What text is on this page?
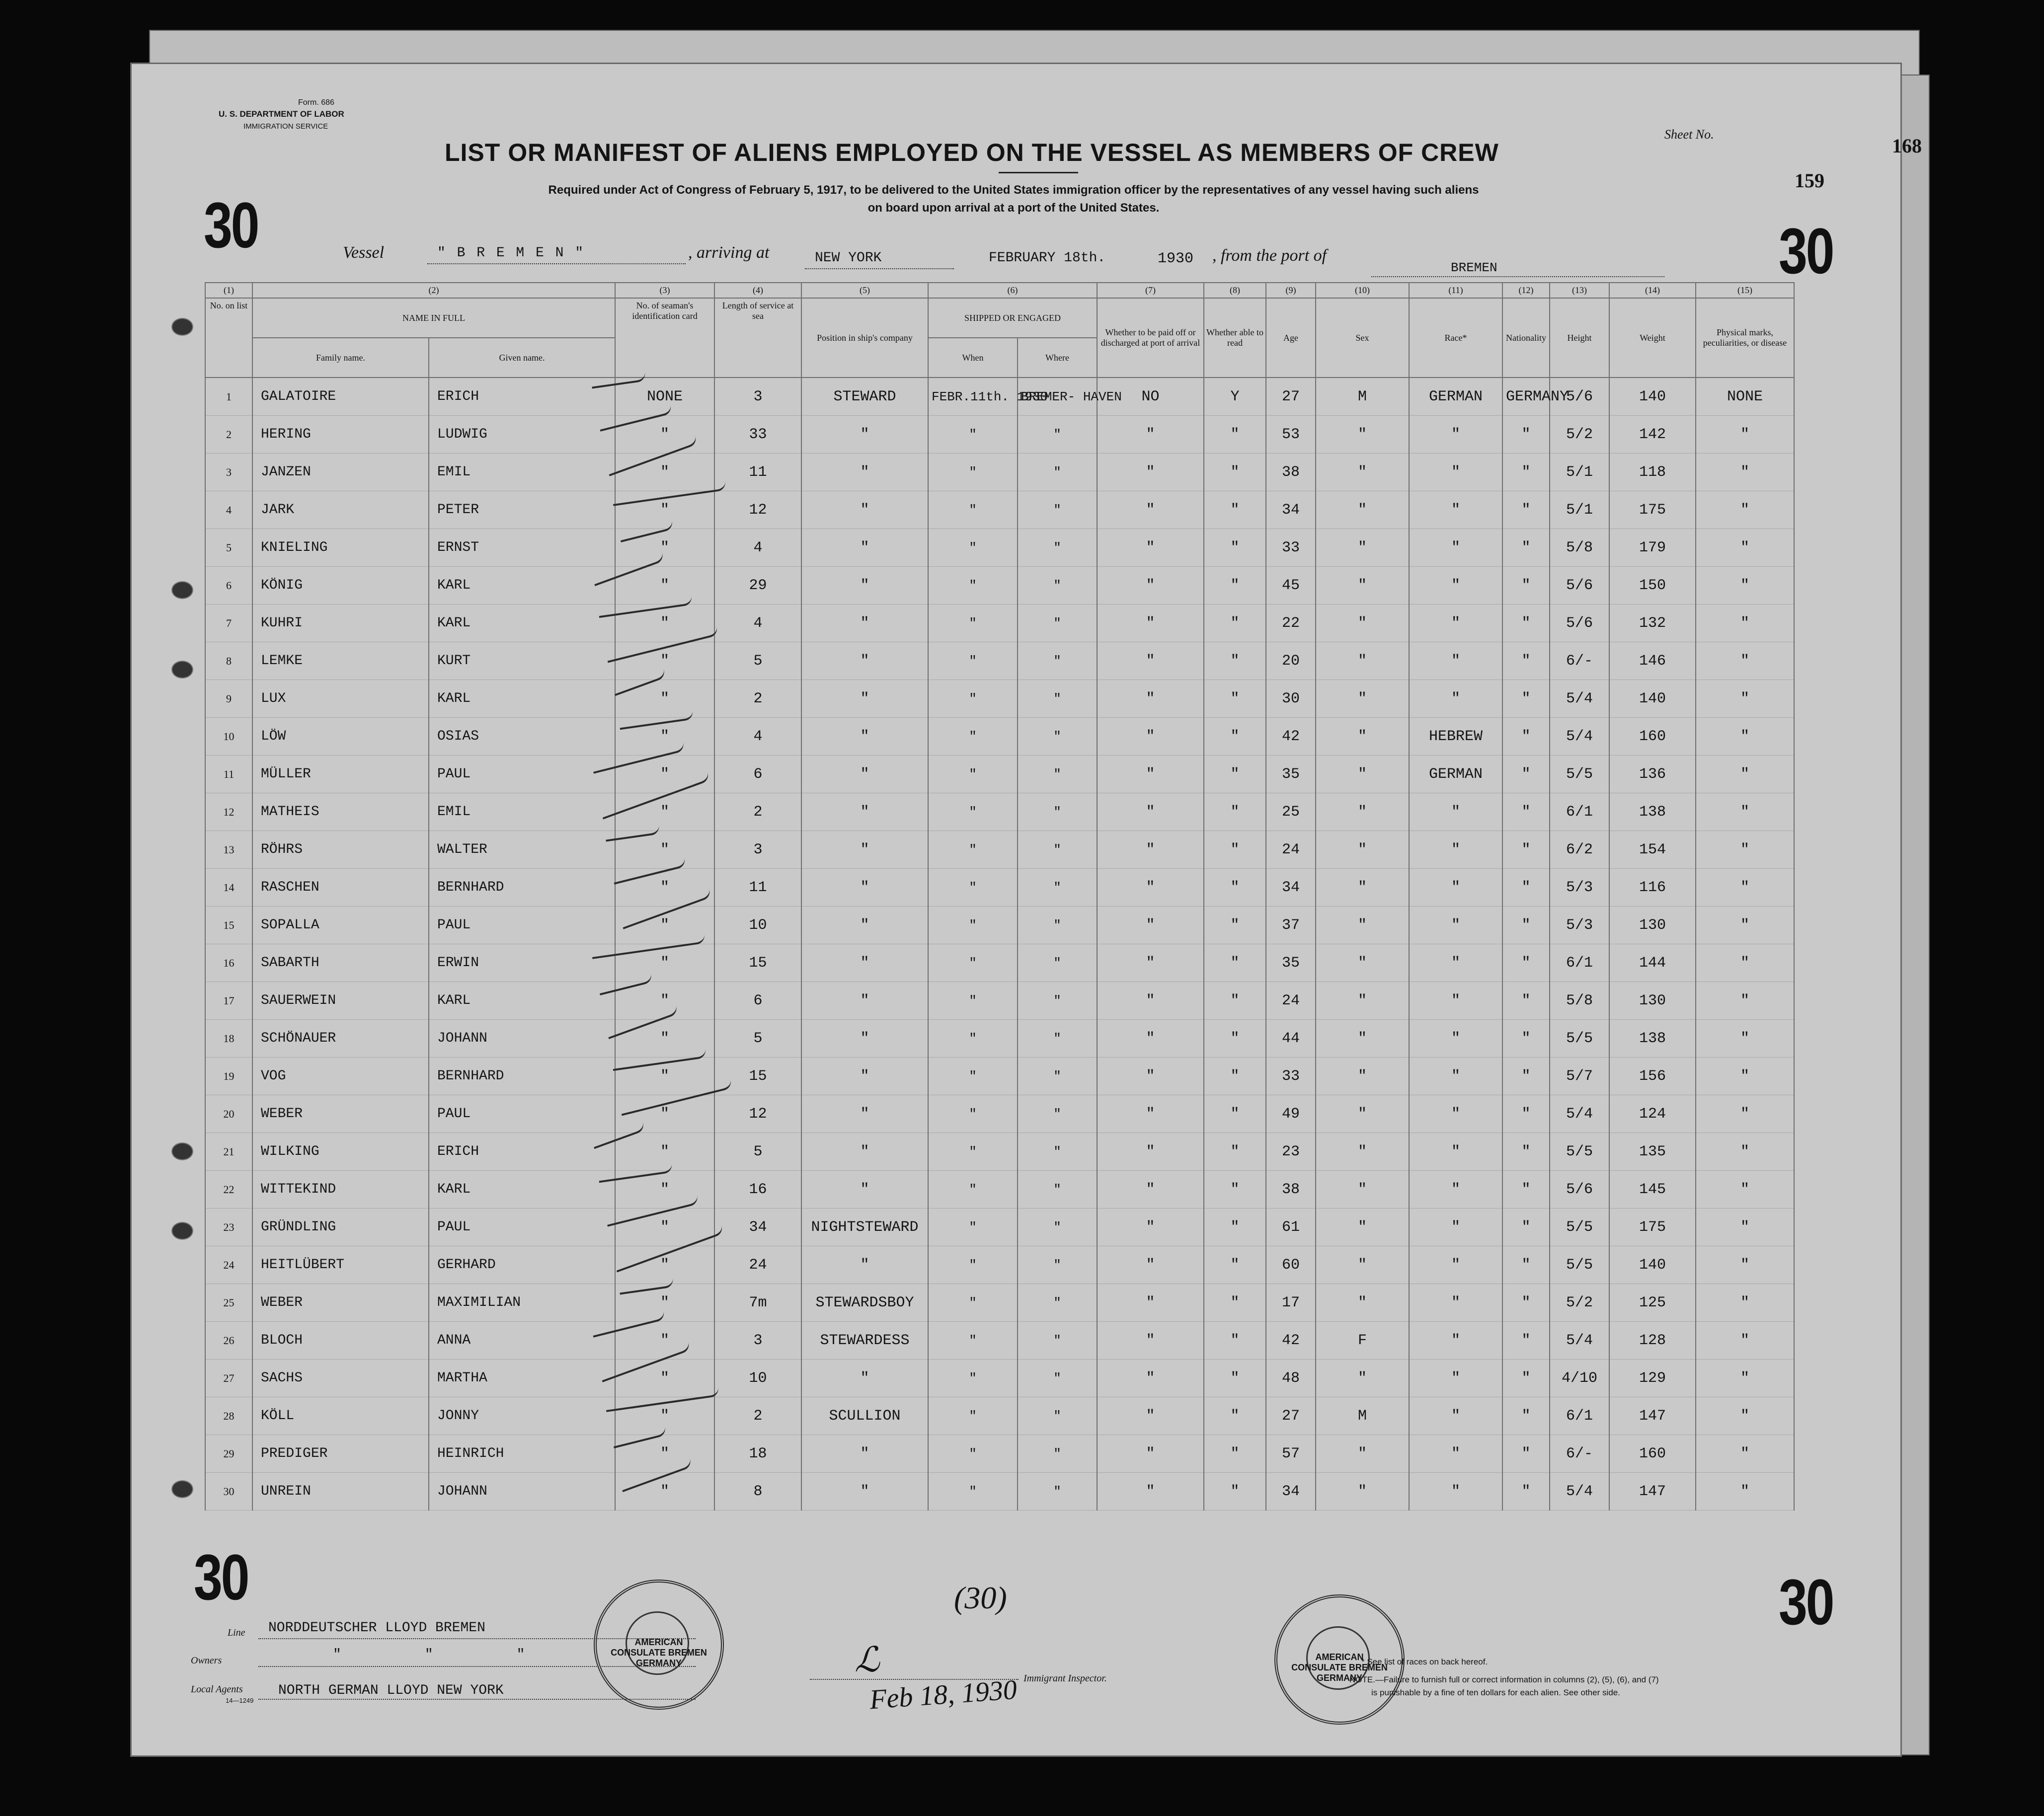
Form. 686
U. S. DEPARTMENT OF LABOR
IMMIGRATION SERVICE
LIST OR MANIFEST OF ALIENS EMPLOYED ON THE VESSEL AS MEMBERS OF CREW
Required under Act of Congress of February 5, 1917, to be delivered to the United States immigration officer by the representatives of any vessel having such aliens
on board upon arrival at a port of the United States.
Sheet No.
168
159
30	30
30	30
Vessel	" B R E M E N "	, arriving at	NEW YORK	FEBRUARY 18th.	1930 , from the port of
BREMEN
(1)	(2)		(3)	(4)	(5)	(6)		(7)	(8)	(9)	(10)	(11)	(12)	(13)	(14)	(15)
No. on list	NAME IN FULL		No. of seaman's identification card	Length of service at sea	Position in ship's company	SHIPPED OR ENGAGED		Whether to be paid off or discharged at port of arrival	Whether able to read	Age	Sex	Race*	Nationality	Height	Weight	Physical marks, peculiarities, or disease
	Family name.	Given name.				When	Where									
1	GALATOIRE	ERICH	NONE	3	STEWARD	FEBR.11th. 1930	BREMER- HAVEN	NO	Y	27	M	GERMAN	GERMANY	5/6	140	NONE
2	HERING	LUDWIG	"	33	"	"	"	"	"	53	"	"	"	5/2	142	"
3	JANZEN	EMIL	"	11	"	"	"	"	"	38	"	"	"	5/1	118	"
4	JARK	PETER	"	12	"	"	"	"	"	34	"	"	"	5/1	175	"
5	KNIELING	ERNST	"	4	"	"	"	"	"	33	"	"	"	5/8	179	"
6	KÖNIG	KARL	"	29	"	"	"	"	"	45	"	"	"	5/6	150	"
7	KUHRI	KARL	"	4	"	"	"	"	"	22	"	"	"	5/6	132	"
8	LEMKE	KURT	"	5	"	"	"	"	"	20	"	"	"	6/-	146	"
9	LUX	KARL	"	2	"	"	"	"	"	30	"	"	"	5/4	140	"
10	LÖW	OSIAS	"	4	"	"	"	"	"	42	"	HEBREW	"	5/4	160	"
11	MÜLLER	PAUL	"	6	"	"	"	"	"	35	"	GERMAN	"	5/5	136	"
12	MATHEIS	EMIL	"	2	"	"	"	"	"	25	"	"	"	6/1	138	"
13	RÖHRS	WALTER	"	3	"	"	"	"	"	24	"	"	"	6/2	154	"
14	RASCHEN	BERNHARD	"	11	"	"	"	"	"	34	"	"	"	5/3	116	"
15	SOPALLA	PAUL	"	10	"	"	"	"	"	37	"	"	"	5/3	130	"
16	SABARTH	ERWIN	"	15	"	"	"	"	"	35	"	"	"	6/1	144	"
17	SAUERWEIN	KARL	"	6	"	"	"	"	"	24	"	"	"	5/8	130	"
18	SCHÖNAUER	JOHANN	"	5	"	"	"	"	"	44	"	"	"	5/5	138	"
19	VOG	BERNHARD	"	15	"	"	"	"	"	33	"	"	"	5/7	156	"
20	WEBER	PAUL	"	12	"	"	"	"	"	49	"	"	"	5/4	124	"
21	WILKING	ERICH	"	5	"	"	"	"	"	23	"	"	"	5/5	135	"
22	WITTEKIND	KARL	"	16	"	"	"	"	"	38	"	"	"	5/6	145	"
23	GRÜNDLING	PAUL	"	34	NIGHTSTEWARD	"	"	"	"	61	"	"	"	5/5	175	"
24	HEITLÜBERT	GERHARD	"	24	"	"	"	"	"	60	"	"	"	5/5	140	"
25	WEBER	MAXIMILIAN	"	7m	STEWARDSBOY	"	"	"	"	17	"	"	"	5/2	125	"
26	BLOCH	ANNA	"	3	STEWARDESS	"	"	"	"	42	F	"	"	5/4	128	"
27	SACHS	MARTHA	"	10	"	"	"	"	"	48	"	"	"	4/10	129	"
28	KÖLL	JONNY	"	2	SCULLION	"	"	"	"	27	M	"	"	6/1	147	"
29	PREDIGER	HEINRICH	"	18	"	"	"	"	"	57	"	"	"	6/-	160	"
30	UNREIN	JOHANN	"	8	"	"	"	"	"	34	"	"	"	5/4	147	"
Line NORDDEUTSCHER LLOYD BREMEN
Owners	"          "          "
Local Agents
14—1249
NORTH GERMAN LLOYD NEW YORK
AMERICAN CONSULATE BREMEN GERMANY
AMERICAN CONSULATE BREMEN GERMANY
(30)
ℒ	Immigrant Inspector.
Feb 18, 1930
* See list of races on back hereof.
NOTE.—Failure to furnish full or correct information in columns (2), (5), (6), and (7)
is punishable by a fine of ten dollars for each alien. See other side.
